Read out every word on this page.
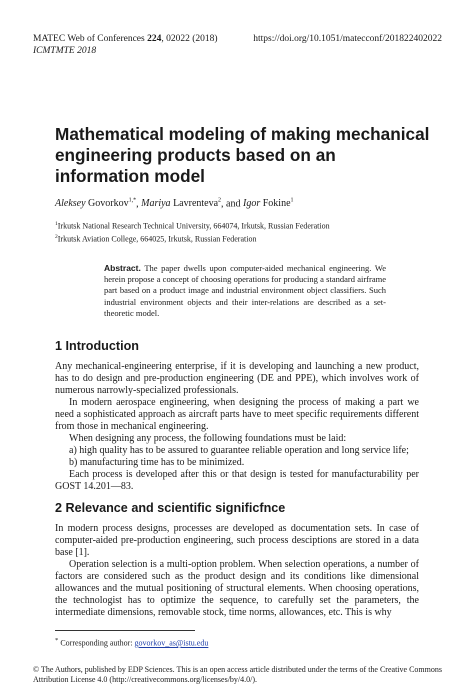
MATEC Web of Conferences 224, 02022 (2018)
ICMTMTE 2018
https://doi.org/10.1051/matecconf/201822402022
Mathematical modeling of making mechanical engineering products based on an information model
Aleksey Govorkov$^{1,*}$, Mariya Lavrenteva$^2$, and Igor Fokine$^1$
$^1$Irkutsk National Research Technical University, 664074, Irkutsk, Russian Federation
$^2$Irkutsk Aviation College, 664025, Irkutsk, Russian Federation
Abstract. The paper dwells upon computer-aided mechanical engineering. We herein propose a concept of choosing operations for producing a standard airframe part based on a product image and industrial environment object classifiers. Such industrial environment objects and their inter-relations are described as a set-theoretic model.
1 Introduction

Any mechanical-engineering enterprise, if it is developing and launching a new product, has to do design and pre-production engineering (DE and PPE), which involves work of numerous narrowly-specialized professionals.

In modern aerospace engineering, when designing the process of making a part we need a sophisticated approach as aircraft parts have to meet specific requirements different from those in mechanical engineering.

When designing any process, the following foundations must be laid:

a) high quality has to be assured to guarantee reliable operation and long service life;

b) manufacturing time has to be minimized.

Each process is developed after this or that design is tested for manufacturability per GOST 14.201—83.

2 Relevance and scientific significfnce

In modern process designs, processes are developed as documentation sets. In case of computer-aided pre-production engineering, such process desciptions are stored in a data base [1].

Operation selection is a multi-option problem. When selection operations, a number of factors are considered such as the product design and its conditions like dimensional allowances and the mutual positioning of structural elements. When choosing operations, the technologist has to optimize the sequence, to carefully set the parameters, the intermediate dimensions, removable stock, time norms, allowances, etc. This is why

* Corresponding author: govorkov_as@istu.edu
© The Authors, published by EDP Sciences. This is an open access article distributed under the terms of the Creative Commons Attribution License 4.0 (http://creativecommons.org/licenses/by/4.0/).
